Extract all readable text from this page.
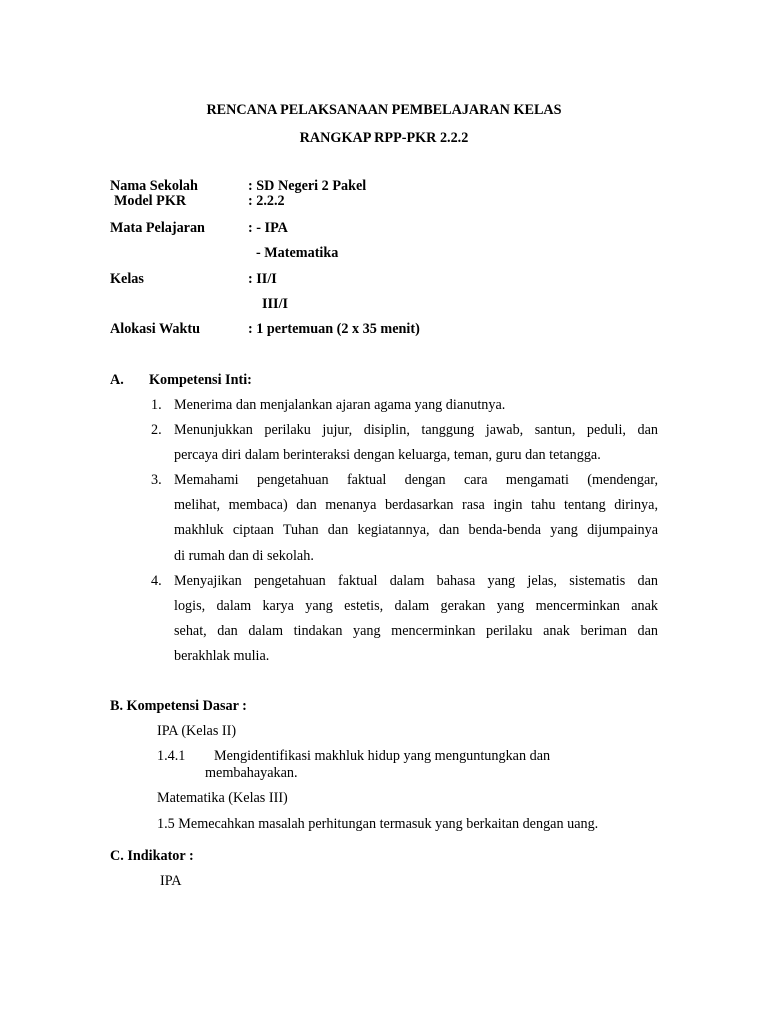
RENCANA PELAKSANAAN PEMBELAJARAN KELAS
RANGKAP RPP-PKR 2.2.2
Nama Sekolah	: SD Negeri 2 Pakel
Model PKR	: 2.2.2
Mata Pelajaran	: - IPA
- Matematika
Kelas	: II/I
III/I
Alokasi Waktu	: 1 pertemuan (2 x 35 menit)
A. Kompetensi Inti:
1. Menerima dan menjalankan ajaran agama yang dianutnya.
2. Menunjukkan perilaku jujur, disiplin, tanggung jawab, santun, peduli, dan
percaya diri dalam berinteraksi dengan keluarga, teman, guru dan tetangga.
3. Memahami pengetahuan faktual dengan cara mengamati (mendengar,
melihat, membaca) dan menanya berdasarkan rasa ingin tahu tentang dirinya,
makhluk ciptaan Tuhan dan kegiatannya, dan benda-benda yang dijumpainya
di rumah dan di sekolah.
4. Menyajikan pengetahuan faktual dalam bahasa yang jelas, sistematis dan
logis, dalam karya yang estetis, dalam gerakan yang mencerminkan anak
sehat, dan dalam tindakan yang mencerminkan perilaku anak beriman dan
berakhlak mulia.
B. Kompetensi Dasar :
IPA (Kelas II)
1.4.1 Mengidentifikasi makhluk hidup yang menguntungkan dan
membahayakan.
Matematika (Kelas III)
1.5 Memecahkan masalah perhitungan termasuk yang berkaitan dengan uang.
C. Indikator :
IPA
